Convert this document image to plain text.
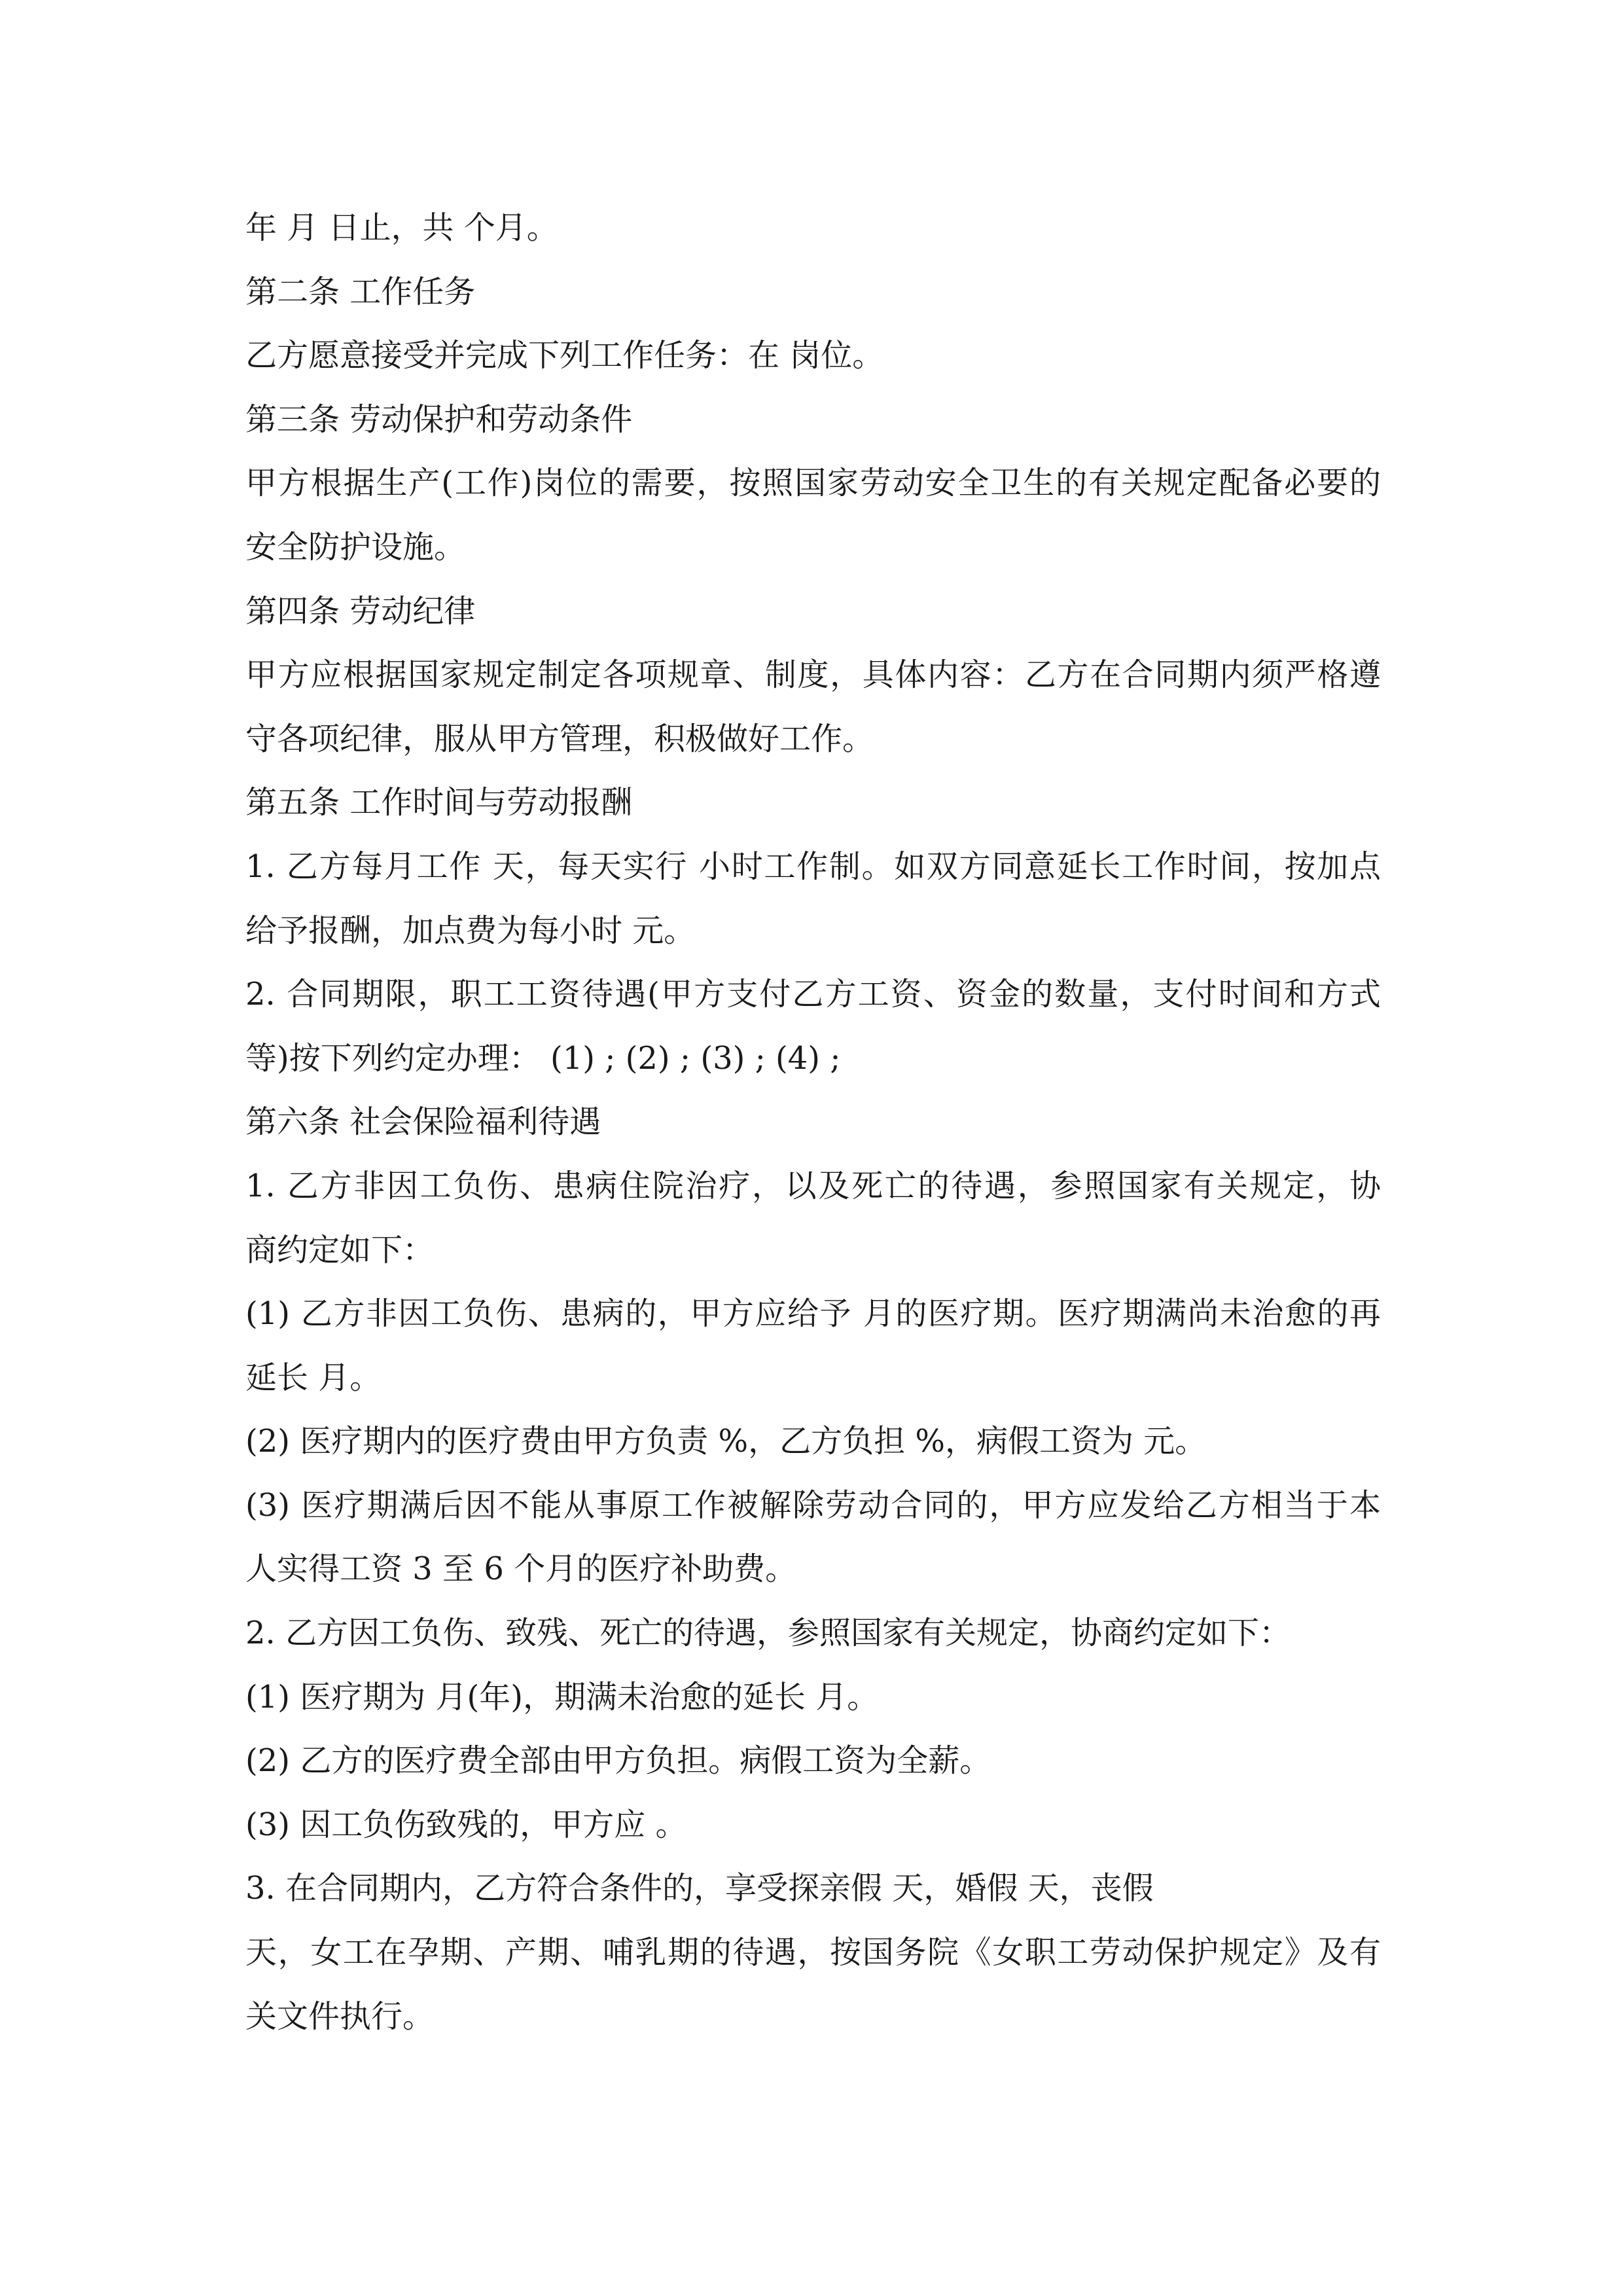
年 月 日止，共 个月。
第二条 工作任务
乙方愿意接受并完成下列工作任务：在 岗位。
第三条 劳动保护和劳动条件
甲方根据生产(工作)岗位的需要，按照国家劳动安全卫生的有关规定配备必要的
安全防护设施。
第四条 劳动纪律
甲方应根据国家规定制定各项规章、制度，具体内容：乙方在合同期内须严格遵
守各项纪律，服从甲方管理，积极做好工作。
第五条 工作时间与劳动报酬
1. 乙方每月工作 天，每天实行 小时工作制。如双方同意延长工作时间，按加点
给予报酬，加点费为每小时 元。
2. 合同期限，职工工资待遇(甲方支付乙方工资、资金的数量，支付时间和方式
等)按下列约定办理： (1) ; (2) ; (3) ; (4) ;
第六条 社会保险福利待遇
1. 乙方非因工负伤、患病住院治疗，以及死亡的待遇，参照国家有关规定，协
商约定如下：
(1) 乙方非因工负伤、患病的，甲方应给予 月的医疗期。医疗期满尚未治愈的再
延长 月。
(2) 医疗期内的医疗费由甲方负责 %，乙方负担 %，病假工资为 元。
(3) 医疗期满后因不能从事原工作被解除劳动合同的，甲方应发给乙方相当于本
人实得工资 3 至 6 个月的医疗补助费。
2. 乙方因工负伤、致残、死亡的待遇，参照国家有关规定，协商约定如下：
(1) 医疗期为 月(年)，期满未治愈的延长 月。
(2) 乙方的医疗费全部由甲方负担。病假工资为全薪。
(3) 因工负伤致残的，甲方应 。
3. 在合同期内，乙方符合条件的，享受探亲假 天，婚假 天，丧假
天，女工在孕期、产期、哺乳期的待遇，按国务院《女职工劳动保护规定》及有
关文件执行。
